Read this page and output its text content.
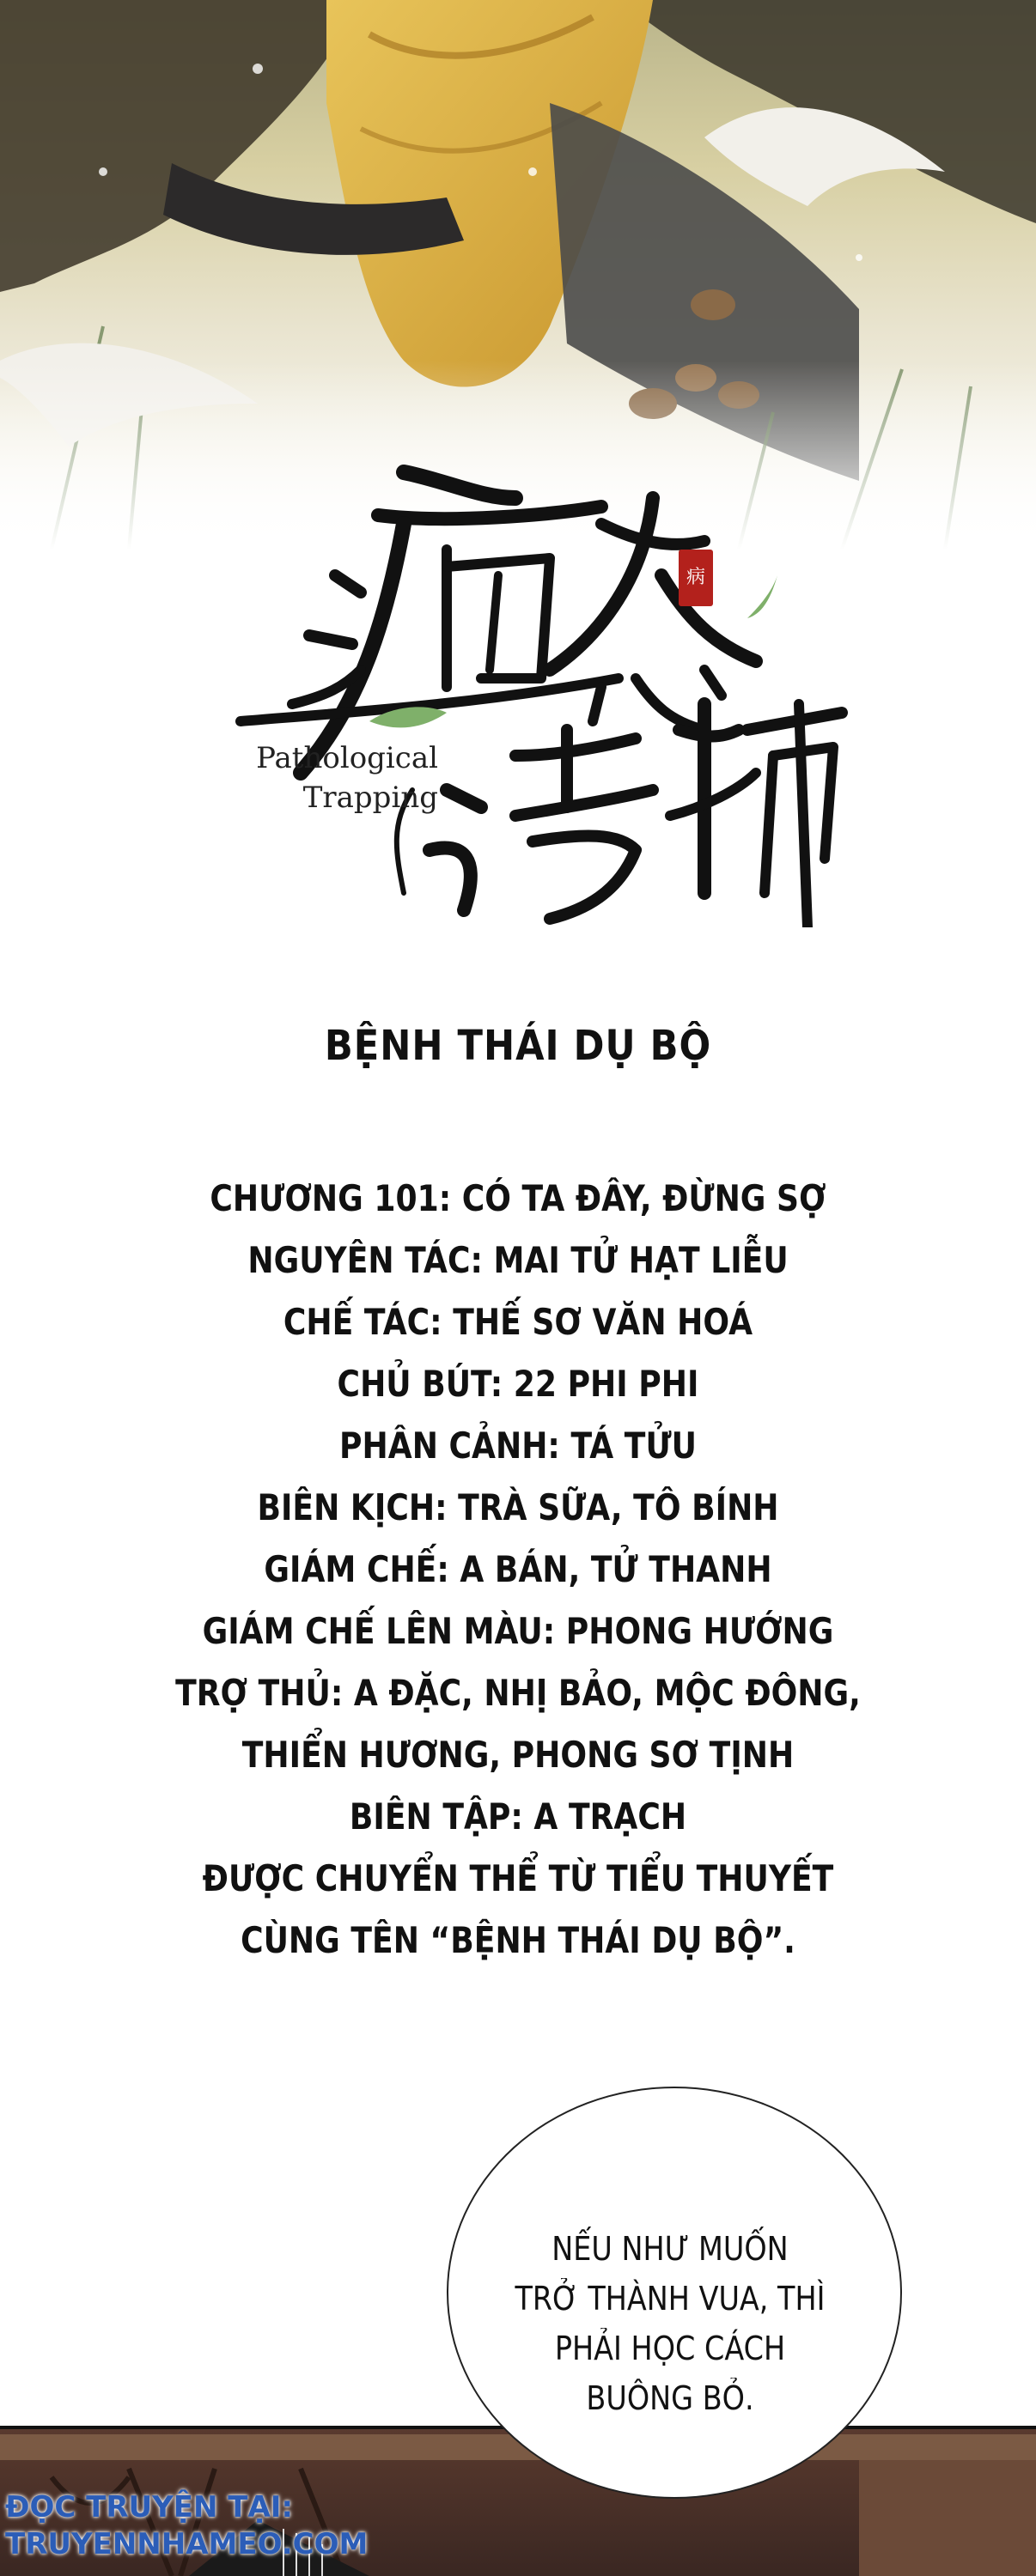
病
Pathological
Trapping
BỆNH THÁI DỤ BỘ
CHƯƠNG 101: CÓ TA ĐÂY, ĐỪNG SỢ
NGUYÊN TÁC: MAI TỬ HẠT LIỄU
CHẾ TÁC: THẾ SƠ VĂN HOÁ
CHỦ BÚT: 22 PHI PHI
PHÂN CẢNH: TÁ TỬU
BIÊN KỊCH: TRÀ SỮA, TÔ BÍNH
GIÁM CHẾ: A BÁN, TỬ THANH
GIÁM CHẾ LÊN MÀU: PHONG HƯỚNG
TRỢ THỦ: A ĐẶC, NHỊ BẢO, MỘC ĐÔNG,
THIỂN HƯƠNG, PHONG SƠ TỊNH
BIÊN TẬP: A TRẠCH
ĐƯỢC CHUYỂN THỂ TỪ TIỂU THUYẾT
CÙNG TÊN “BỆNH THÁI DỤ BỘ”.
NẾU NHƯ MUỐN
TRỞ THÀNH VUA, THÌ
PHẢI HỌC CÁCH
BUÔNG BỎ.
ĐỌC TRUYỆN TẠI:
TRUYENNHAMEO.COM
